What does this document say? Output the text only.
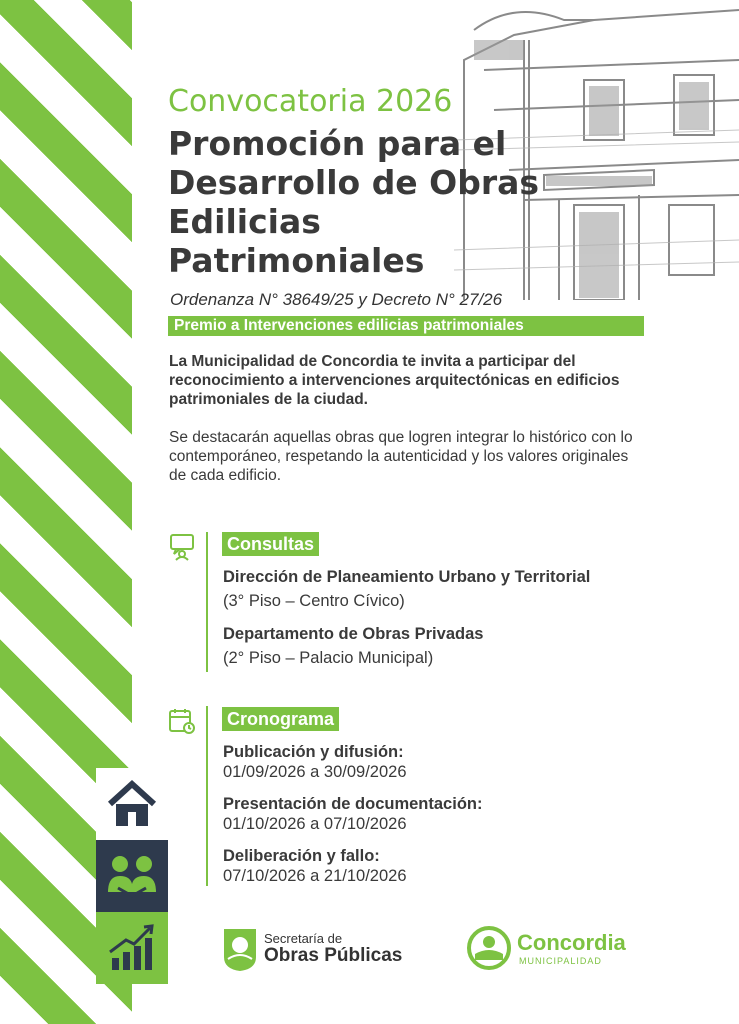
Convocatoria 2026
Promoción para el Desarrollo de Obras Edilicias Patrimoniales
Ordenanza N° 38649/25 y Decreto N° 27/26
Premio a Intervenciones edilicias patrimoniales
La Municipalidad de Concordia te invita a participar del reconocimiento a intervenciones arquitectónicas en edificios patrimoniales de la ciudad.
Se destacarán aquellas obras que logren integrar lo histórico con lo contemporáneo, respetando la autenticidad y los valores originales de cada edificio.
Consultas
Dirección de Planeamiento Urbano y Territorial
(3° Piso – Centro Cívico)
Departamento de Obras Privadas
(2° Piso – Palacio Municipal)
Cronograma
Publicación y difusión:
01/09/2026 a 30/09/2026
Presentación de documentación:
01/10/2026 a 07/10/2026
Deliberación y fallo:
07/10/2026 a 21/10/2026
Secretaría de
Obras Públicas
Concordia
MUNICIPALIDAD
